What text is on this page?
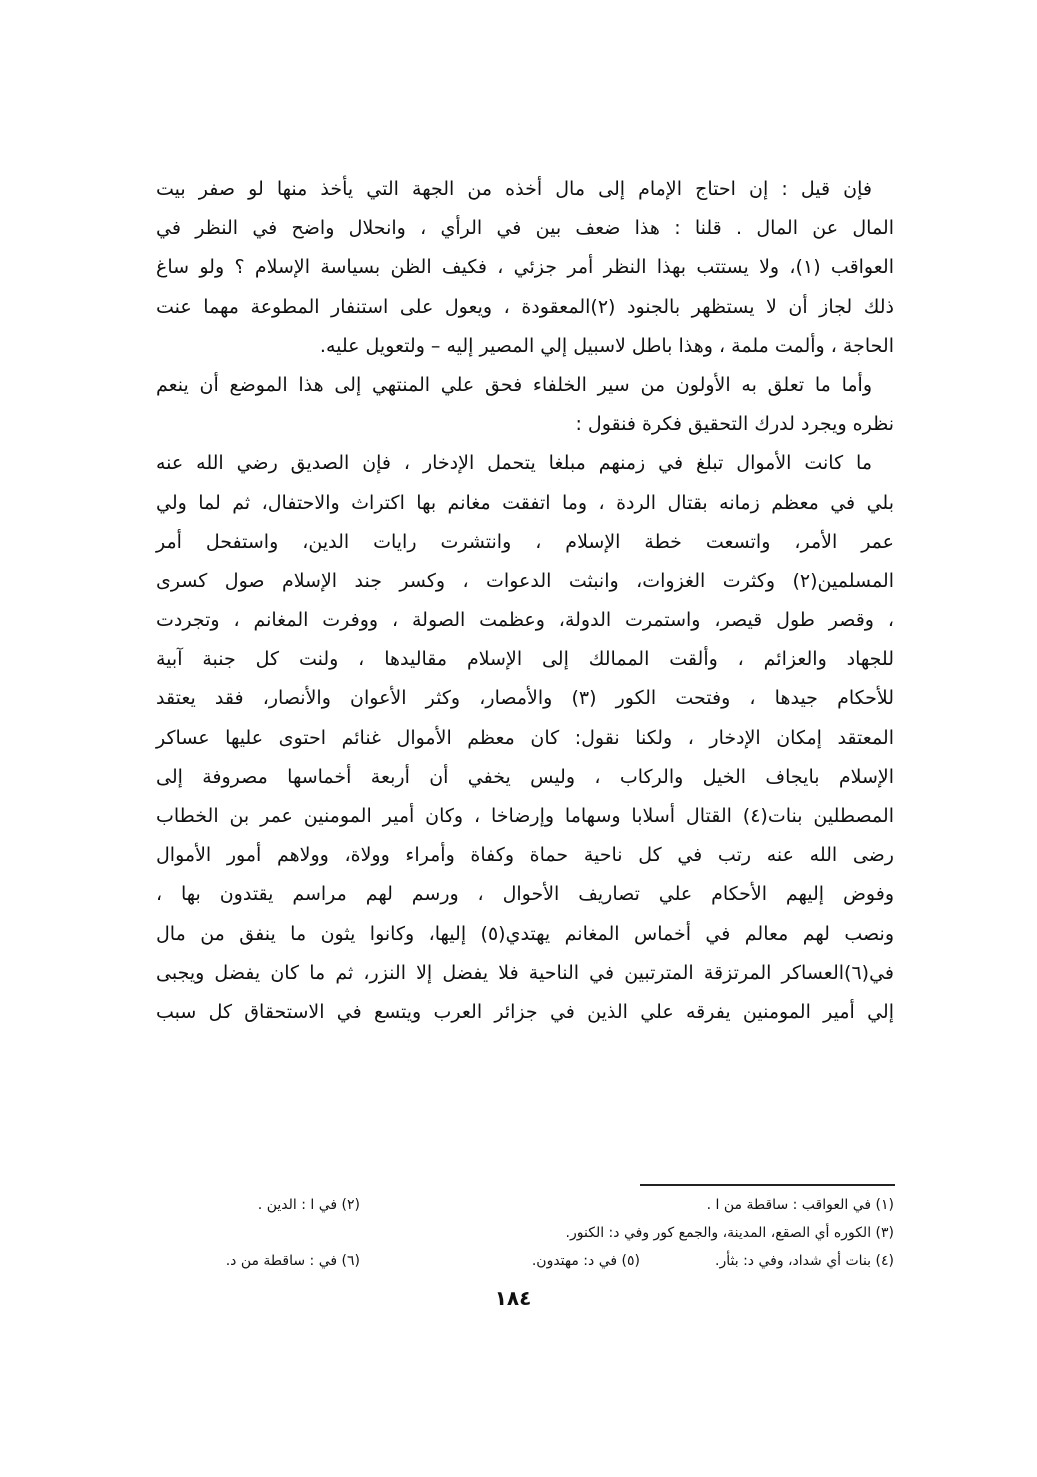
فإن قيل : إن احتاج الإمام إلى مال أخذه من الجهة التي يأخذ منها لو صفر بيت
المال عن المال . قلنا : هذا ضعف بين في الرأي ، وانحلال واضح في النظر في
العواقب (١)، ولا يستتب بهذا النظر أمر جزئي ، فكيف الظن بسياسة الإسلام ؟ ولو ساغ
ذلك لجاز أن لا يستظهر بالجنود (٢)المعقودة ، ويعول على استنفار المطوعة مهما عنت
الحاجة ، وألمت ملمة ، وهذا باطل لاسبيل إلي المصير إليه – ولتعويل عليه.
وأما ما تعلق به الأولون من سير الخلفاء فحق علي المنتهي إلى هذا الموضع أن ينعم
نظره ويجرد لدرك التحقيق فكرة فنقول :
ما كانت الأموال تبلغ في زمنهم مبلغا يتحمل الإدخار ، فإن الصديق رضي الله عنه
بلي في معظم زمانه بقتال الردة ، وما اتفقت مغانم بها اكتراث والاحتفال، ثم لما ولي
عمر الأمر، واتسعت خطة الإسلام ، وانتشرت رايات الدين، واستفحل أمر
المسلمين(٢) وكثرت الغزوات، وانبثت الدعوات ، وكسر جند الإسلام صول كسرى
، وقصر طول قيصر، واستمرت الدولة، وعظمت الصولة ، ووفرت المغانم ، وتجردت
للجهاد والعزائم ، وألقت الممالك إلى الإسلام مقاليدها ، ولنت كل جنبة آبية
للأحكام جيدها ، وفتحت الكور (٣) والأمصار، وكثر الأعوان والأنصار، فقد يعتقد
المعتقد إمكان الإدخار ، ولكنا نقول: كان معظم الأموال غنائم احتوى عليها عساكر
الإسلام بايجاف الخيل والركاب ، وليس يخفي أن أربعة أخماسها مصروفة إلى
المصطلين بنات(٤) القتال أسلابا وسهاما وإرضاخا ، وكان أمير المومنين عمر بن الخطاب
رضى الله عنه رتب في كل ناحية حماة وكفاة وأمراء وولاة، وولاهم أمور الأموال
وفوض إليهم الأحكام علي تصاريف الأحوال ، ورسم لهم مراسم يقتدون بها ،
ونصب لهم معالم في أخماس المغانم يهتدي(٥) إليها، وكانوا يثون ما ينفق من مال
في(٦)العساكر المرتزقة المترتبين في الناحية فلا يفضل إلا النزر، ثم ما كان يفضل ويجبى
إلي أمير المومنين يفرقه علي الذين في جزائر العرب ويتسع في الاستحقاق كل سبب
(١) في العواقب : ساقطة من ا .
(٢) في ا : الدين .
(٣) الكوره أي الصقع، المدينة، والجمع كور وفي د: الكنور.
(٤) بنات أي شداد، وفي د: بثأر.
(٥) في د: مهتدون.
(٦) في : ساقطة من د.
١٨٤
